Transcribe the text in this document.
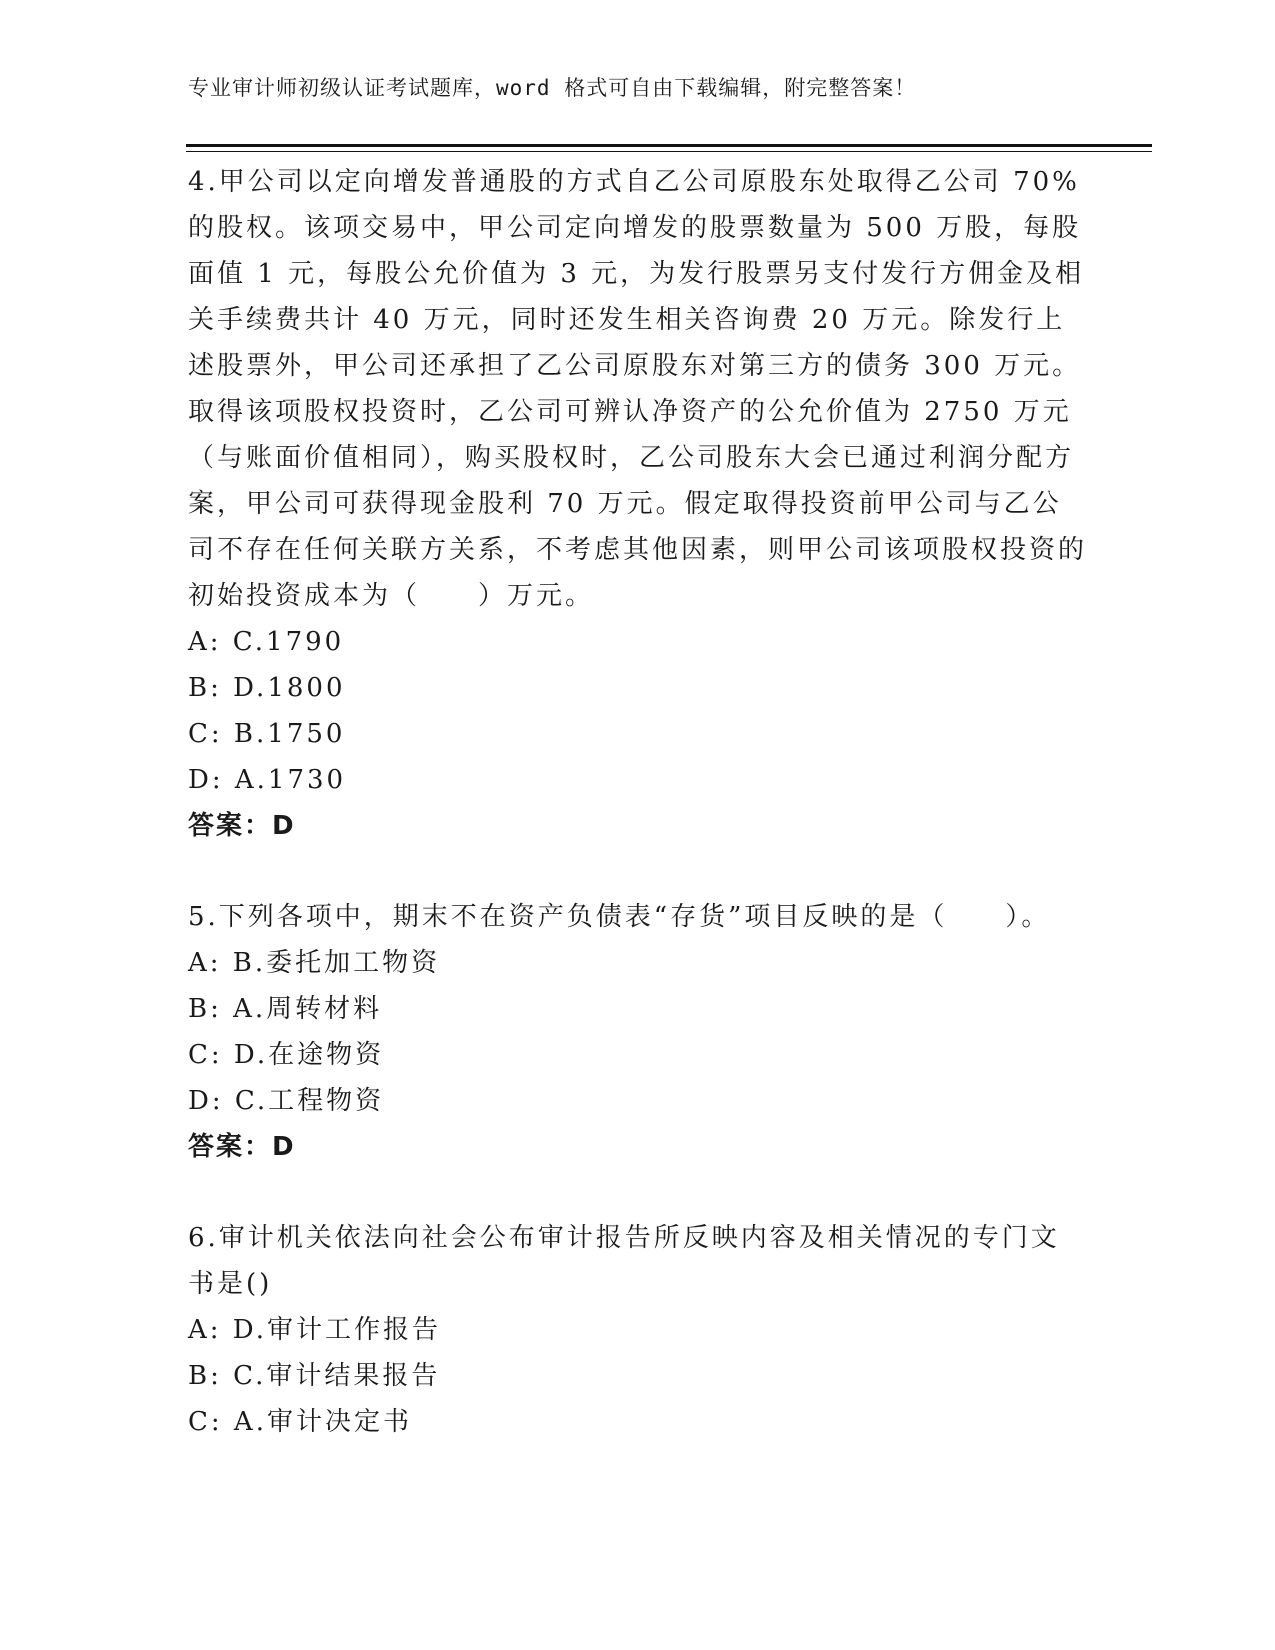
专业审计师初级认证考试题库，word 格式可自由下载编辑，附完整答案！

4.甲公司以定向增发普通股的方式自乙公司原股东处取得乙公司 70%的股权。该项交易中，甲公司定向增发的股票数量为 500 万股，每股面值 1 元，每股公允价值为 3 元，为发行股票另支付发行方佣金及相关手续费共计 40 万元，同时还发生相关咨询费 20 万元。除发行上述股票外，甲公司还承担了乙公司原股东对第三方的债务 300 万元。取得该项股权投资时，乙公司可辨认净资产的公允价值为 2750 万元（与账面价值相同），购买股权时，乙公司股东大会已通过利润分配方案，甲公司可获得现金股利 70 万元。假定取得投资前甲公司与乙公司不存在任何关联方关系，不考虑其他因素，则甲公司该项股权投资的初始投资成本为（　　）万元。

A: C.1790

B: D.1800

C: B.1750

D: A.1730

答案：D

5.下列各项中，期末不在资产负债表“存货”项目反映的是（　　）。

A: B.委托加工物资

B: A.周转材料

C: D.在途物资

D: C.工程物资

答案：D

6.审计机关依法向社会公布审计报告所反映内容及相关情况的专门文书是()

A: D.审计工作报告

B: C.审计结果报告

C: A.审计决定书
